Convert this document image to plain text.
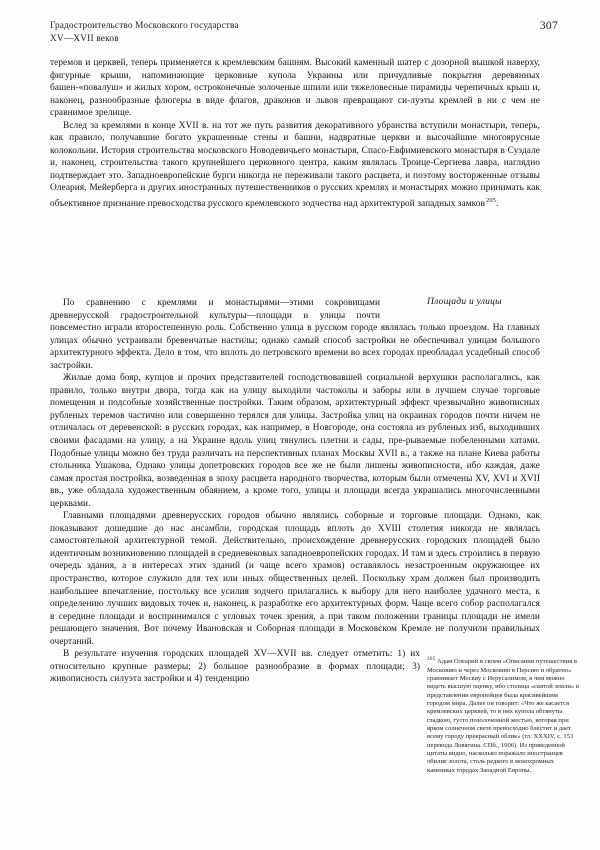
Градостроительство Московского государства
XV—XVII веков
307

теремов и церквей, теперь применяется к кремлевским башням. Высокий каменный шатер с дозорной вышкой наверху, фигурные крыши, напоминающие церковные купола Украины или причудливые покрытия деревянных башен-«повалуш» и жилых хором, остроконечные золоченые шпили или тяжеловесные пирамиды черепичных крыш и, наконец, разнообразные флюгеры в виде флагов, драконов и львов превращают си-луэты кремлей в ни с чем не сравнимое зрелище.

Вслед за кремлями в конце XVII в. на тот же путь развития декоративного убранства вступили монастыри, теперь, как правило, получавшие богато украшенные стены и башни, надвратные церкви и высочайшие многоярусные колокольни. История строительства московского Новодевичьего монастыря, Спасо-Евфимиевского монастыря в Суздале и, наконец, строительства такого крупнейшего церковного центра, каким являлась Троице-Сергиева лавра, наглядно подтверждает это. Западноевропейские бурги никогда не переживали такого расцвета, и поэтому восторженные отзывы Олеария, Мейерберга и других иностранных путешественников о русских кремлях и монастырях можно принимать как объективное признание превосходства русского кремлевского зодчества над архитектурой западных замков$^{205}$.

Площади и улицы

По сравнению с кремлями и монастырями—этими сокровищами древнерусской градостроительной культуры—площади и улицы почти повсеместно играли второстепенную роль. Собственно улица в русском городе являлась только проездом. На главных улицах обычно устраивали бревенчатые настилы; однако самый способ застройки не обеспечивал улицам большого архитектурного эффекта. Дело в том, что вплоть до петровского времени во всех городах преобладал усадебный способ застройки.

Жилые дома бояр, купцов и прочих представителей господствовавшей социальной верхушки располагались, как правило, только внутри двора, тогда как на улицу выходили частоколы и заборы или в лучшем случае торговые помещения и подсобные хозяйственные постройки. Таким образом, архитектурный эффект чрезвычайно живописных рубленых теремов частично или совершенно терялся для улицы. Застройка улиц на окраинах городов почти ничем не отличалась от деревенской: в русских городах, как например, в Новгороде, она состояла из рубленых изб, выходивших своими фасадами на улицу, а на Украине вдоль улиц тянулись плетни и сады, пре-рываемые побеленными хатами. Подобные улицы можно без труда различать на перспективных планах Москвы XVII в., а также на плане Киева работы стольника Ушакова. Однако улицы допетровских городов все же не были лишены живописности, ибо каждая, даже самая простая постройка, возведенная в эпоху расцвета народного творчества, которым были отмечены XV, XVI и XVII вв., уже обладала художественным обаянием, а кроме того, улицы и площади всегда украшались многочисленными церквами.

Главными площадями древнерусских городов обычно являлись соборные и торговые площади. Однако, как показывают дошедшие до нас ансамбли, городская площадь вплоть до XVIII столетия никогда не являлась самостоятельной архитектурной темой. Действительно, происхождение древнерусских городских площадей было идентичным возникновению площадей в средневековых западноевропейских городах. И там и здесь строились в первую очередь здания, а в интересах этих зданий (и чаще всего храмов) оставлялось незастроенным окружающее их пространство, которое служило для тех или иных общественных целей. Поскольку храм должен был производить наибольшее впечатление, постольку все усилия зодчего прилагались к выбору для него наиболее удачного места, к определению лучших видовых точек и, наконец, к разработке его архитектурных форм. Чаще всего собор располагался в середине площади и воспринимался с угловых точек зрения, а при таком положении границы площади не имели решающего значения. Вот почему Ивановская и Соборная площади в Московском Кремле не получили правильных очертаний.

В результате изучения городских площадей XV—XVII вв. следует отметить: 1) их относительно крупные размеры; 2) большое разнообразие в формах площади; 3) живописность силуэта застройки и 4) тенденцию

$^{205}$ Адам Олеарий в своем «Описании путешествия в Московию и через Московию в Персию и обратно» сравнивает Москву с Иерусалимом, в чем можно видеть высшую оценку, ибо столица «святой земли» в представлении европейцев была красивейшим городом мира. Далее он говорит: «Что же касается кремлевских церквей, то в них купола обтянуты гладкою, густо позолоченной жестью, которая при ярком солнечном свете превосходно блестит и дает всему городу прекрасный облик» (гл. XXXIV, с. 153 перевода Ловягина. СПб., 1906). Из приведенной цитаты видно, насколько поражало иностранцев обилие золота, столь редкого в монохромных каменных городах Западной Европы.
